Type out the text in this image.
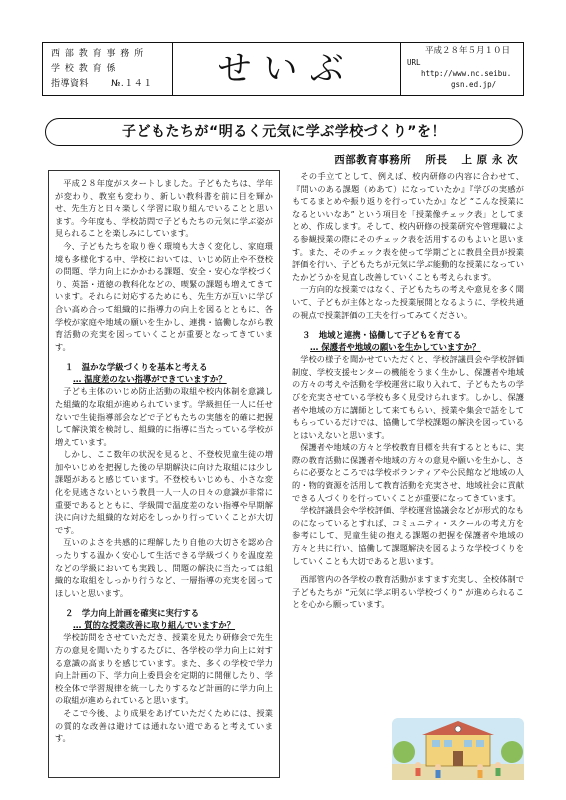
西 部 教 育 事 務 所
学 校 教 育 係
指導資料 №.１４１	せいぶ	平成２８年５月１０日
URL
http://www.nc.seibu.
gsn.ed.jp/
子どもたちが“明るく元気に学ぶ学校づくり”を！
西部教育事務所 所長 上 原 永 次

平成２８年度がスタートしました。子どもたちは、学年が変わり、教室も変わり、新しい教科書を前に目を輝かせ、先生方と日々楽しく学習に取り組んでいることと思います。今年度も、学校訪問で子どもたちの元気に学ぶ姿が見られることを楽しみにしています。

今、子どもたちを取り巻く環境も大きく変化し、家庭環境も多様化する中、学校においては、いじめ防止や不登校の問題、学力向上にかかわる課題、安全・安心な学校づくり、英語・道徳の教科化などの、喫緊の課題も増えてきています。それらに対応するためにも、先生方が互いに学び合い高め合って組織的に指導力の向上を図るとともに、各学校が家庭や地域の願いを生かし、連携・協働しながら教育活動の充実を図っていくことが重要となってきています。

１　温かな学級づくりを基本と考える
… 温度差のない指導ができていますか？

子ども主体のいじめ防止活動の取組や校内体制を意識した組織的な取組が進められています。学級担任一人に任せないで生徒指導部会などで子どもたちの実態を的確に把握して解決策を検討し、組織的に指導に当たっている学校が増えています。

しかし、ここ数年の状況を見ると、不登校児童生徒の増加やいじめを把握した後の早期解決に向けた取組には少し課題があると感じています。不登校もいじめも、小さな変化を見逃さないという教員一人一人の日々の意識が非常に重要であるとともに、学級間で温度差のない指導や早期解決に向けた組織的な対応をしっかり行っていくことが大切です。

互いのよさを共感的に理解したり自他の大切さを認め合ったりする温かく安心して生活できる学級づくりを温度差などの学級においても実践し、問題の解決に当たっては組織的な取組をしっかり行うなど、一層指導の充実を図ってほしいと思います。

２　学力向上計画を確実に実行する
… 質的な授業改善に取り組んでいますか？

学校訪問をさせていただき、授業を見たり研修会で先生方の意見を聞いたりするたびに、各学校の学力向上に対する意識の高まりを感じています。また、多くの学校で学力向上計画の下、学力向上委員会を定期的に開催したり、学校全体で学習規律を統一したりするなど計画的に学力向上の取組が進められていると思います。

そこで今後、より成果をあげていただくためには、授業の質的な改善は避けては通れない道であると考えています。

その手立てとして、例えば、校内研修の内容に合わせて、『問いのある課題（めあて）になっていたか』『学びの実感がもてるまとめや振り返りを行っていたか』など “こんな授業になるといいなあ” という項目を「授業像チェック表」としてまとめ、作成します。そして、校内研修の授業研究や管理職による参観授業の際にそのチェック表を活用するのもよいと思います。また、そのチェック表を使って学期ごとに教員全員が授業評価を行い、子どもたちが元気に学ぶ能動的な授業になっていたかどうかを見直し改善していくことも考えられます。

一方向的な授業ではなく、子どもたちの考えや意見を多く聞いて、子どもが主体となった授業展開となるように、学校共通の視点で授業評価の工夫を行ってみてください。

３　地域と連携・協働して子どもを育てる
… 保護者や地域の願いを生かしていますか？

学校の様子を聞かせていただくと、学校評議員会や学校評価制度、学校支援センターの機能をうまく生かし、保護者や地域の方々の考えや活動を学校運営に取り入れて、子どもたちの学びを充実させている学校も多く見受けられます。しかし、保護者や地域の方に講師として来てもらい、授業や集会で話をしてもらっているだけでは、協働して学校課題の解決を図っているとはいえないと思います。

保護者や地域の方々と学校教育目標を共有するとともに、実際の教育活動に保護者や地域の方々の意見や願いを生かし、さらに必要なところでは学校ボランティアや公民館など地域の人的・物的資源を活用して教育活動を充実させ、地域社会に貢献できる人づくりを行っていくことが重要になってきています。

学校評議員会や学校評価、学校運営協議会などが形式的なものになっているとすれば、コミュニティ・スクールの考え方を参考にして、児童生徒の抱える課題の把握を保護者や地域の方々と共に行い、協働して課題解決を図るような学校づくりをしていくことも大切であると思います。

西部管内の各学校の教育活動がますます充実し、全校体制で子どもたちが “元気に学ぶ明るい学校づくり” が進められることを心から願っています。
